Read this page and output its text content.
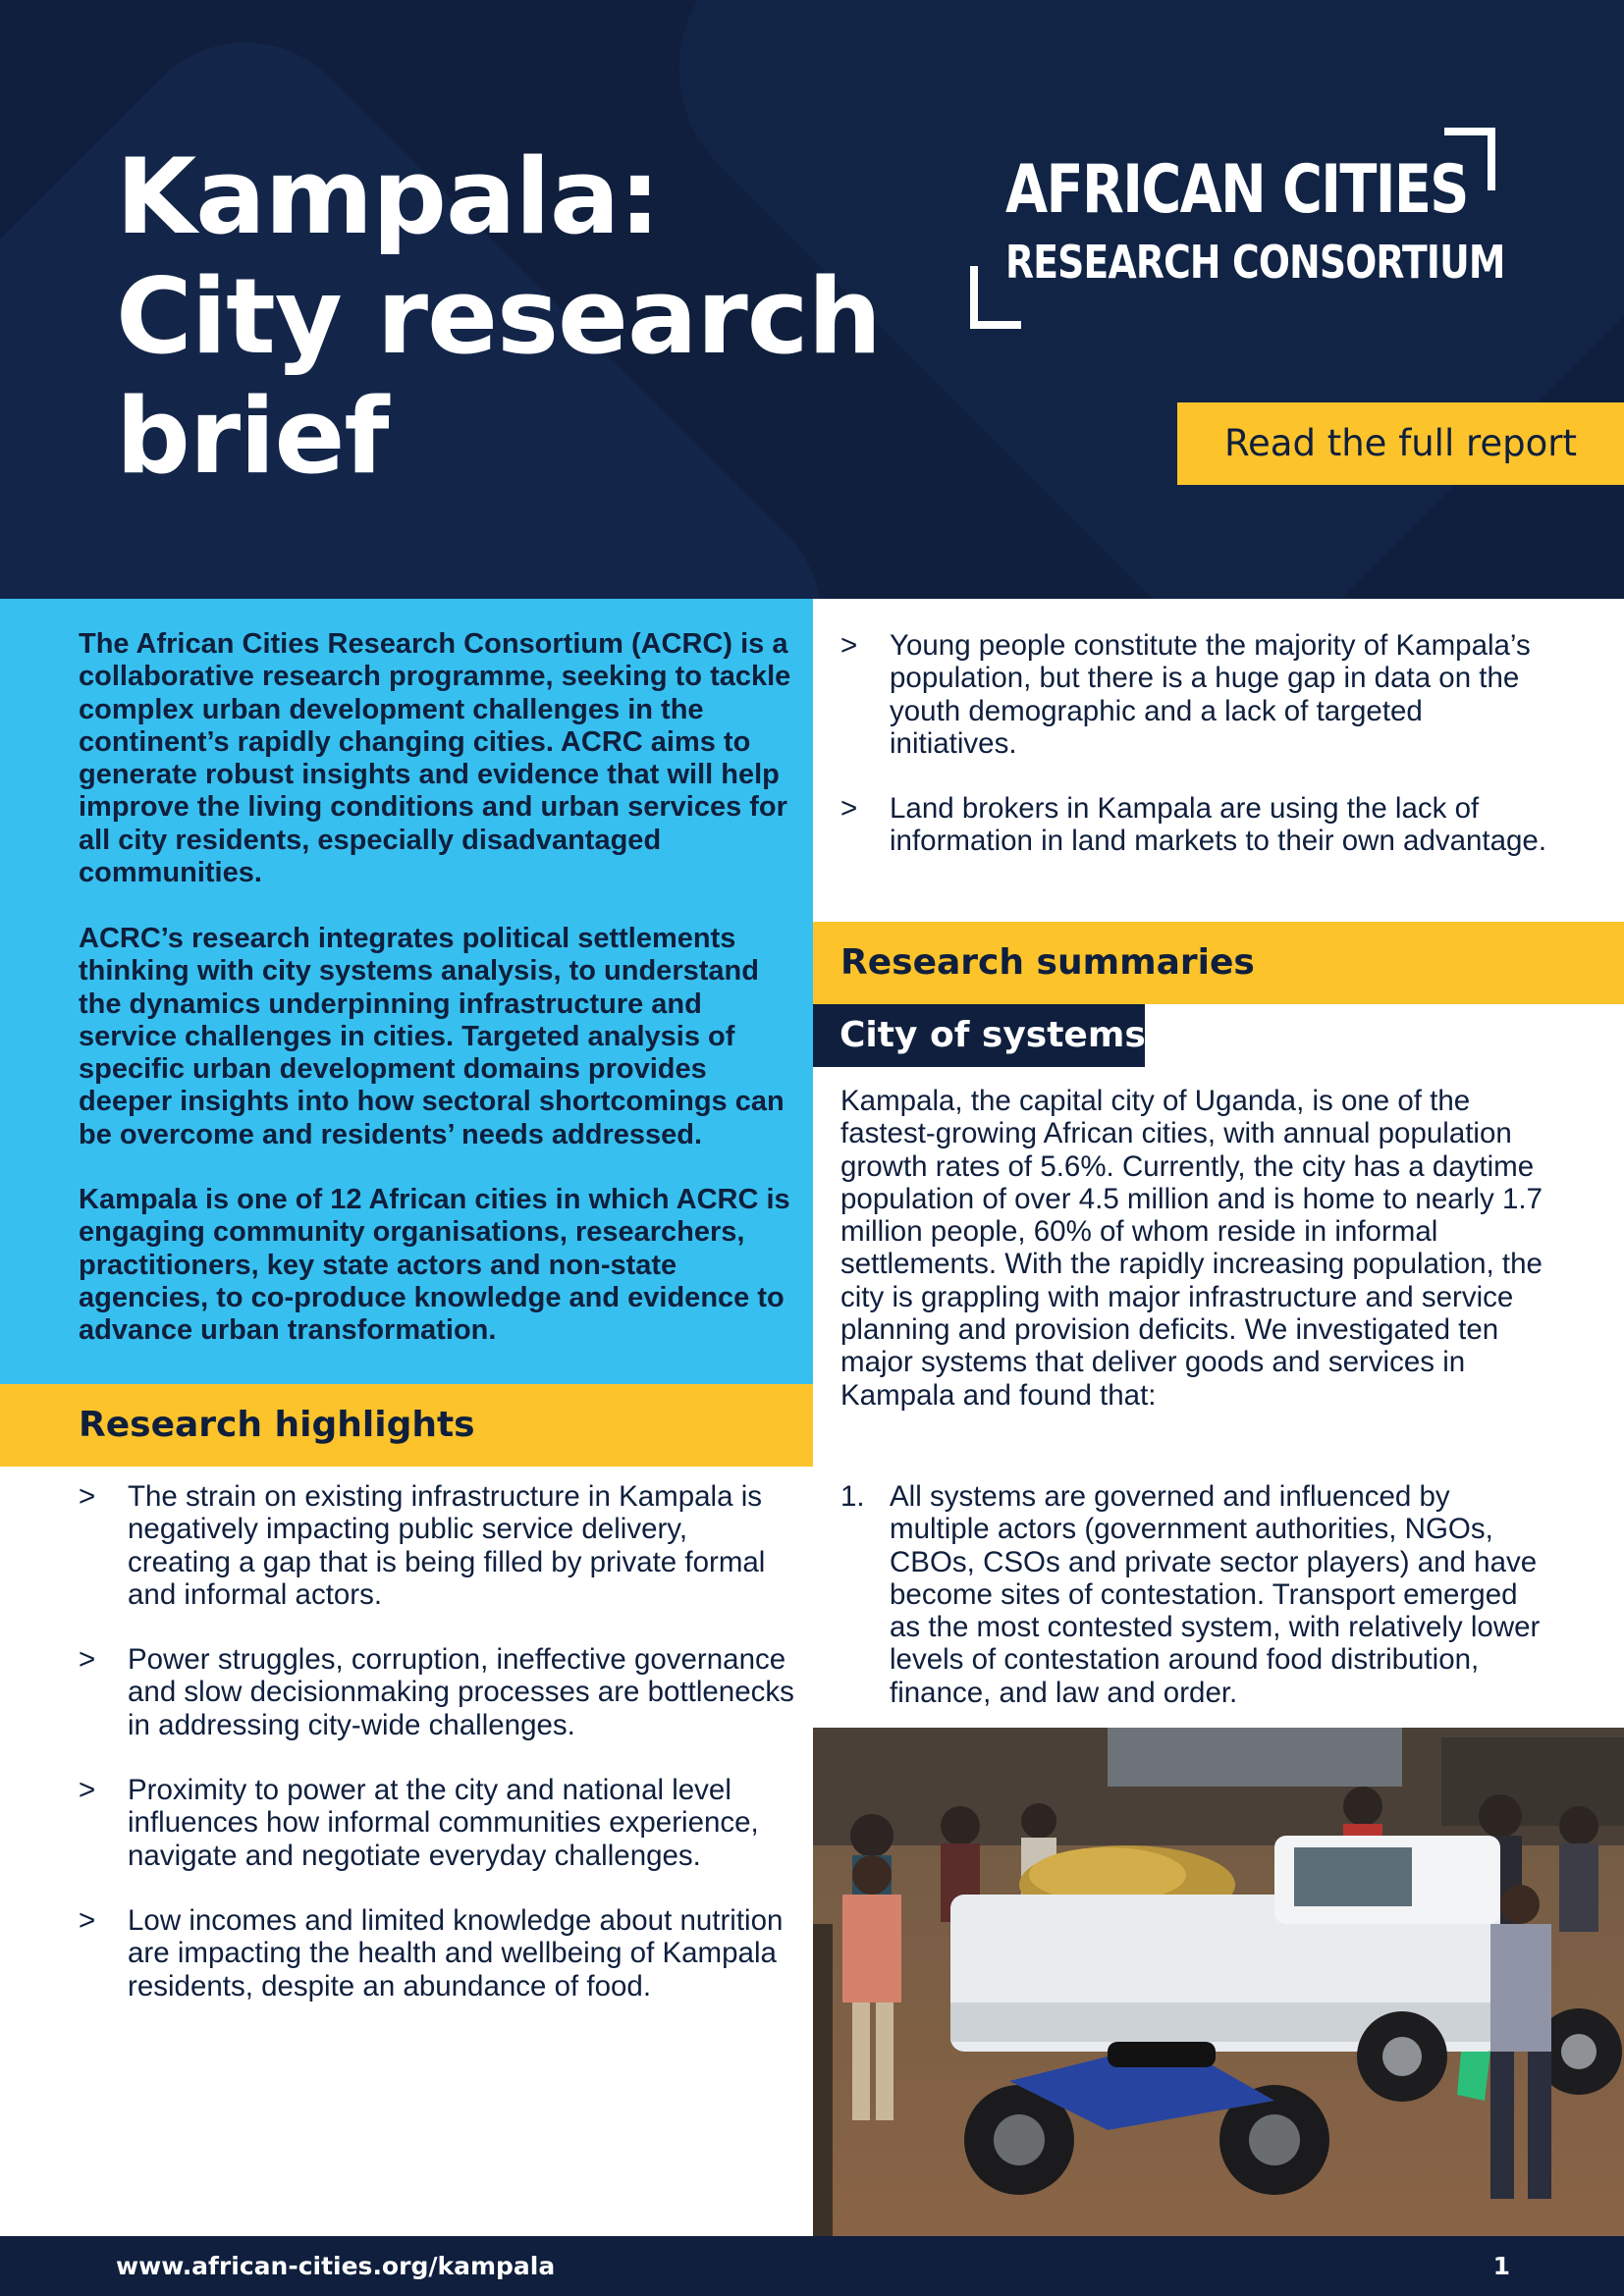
Kampala:
City research
brief
AFRICAN CITIES
RESEARCH CONSORTIUM
Read the full report

The African Cities Research Consortium (ACRC) is a collaborative research programme, seeking to tackle complex urban development challenges in the continent’s rapidly changing cities. ACRC aims to generate robust insights and evidence that will help improve the living conditions and urban services for all city residents, especially disadvantaged communities.

ACRC’s research integrates political settlements thinking with city systems analysis, to understand the dynamics underpinning infrastructure and service challenges in cities. Targeted analysis of specific urban development domains provides deeper insights into how sectoral shortcomings can be overcome and residents’ needs addressed.

Kampala is one of 12 African cities in which ACRC is engaging community organisations, researchers, practitioners, key state actors and non-state agencies, to co-produce knowledge and evidence to advance urban transformation.

Research highlights
> The strain on existing infrastructure in Kampala is negatively impacting public service delivery, creating a gap that is being filled by private formal and informal actors.
> Power struggles, corruption, ineffective governance and slow decisionmaking processes are bottlenecks in addressing city-wide challenges.
> Proximity to power at the city and national level influences how informal communities experience, navigate and negotiate everyday challenges.
> Low incomes and limited knowledge about nutrition are impacting the health and wellbeing of Kampala residents, despite an abundance of food.
> Young people constitute the majority of Kampala’s population, but there is a huge gap in data on the youth demographic and a lack of targeted initiatives.
> Land brokers in Kampala are using the lack of information in land markets to their own advantage.
Research summaries
City of systems

Kampala, the capital city of Uganda, is one of the fastest-growing African cities, with annual population growth rates of 5.6%. Currently, the city has a daytime population of over 4.5 million and is home to nearly 1.7 million people, 60% of whom reside in informal settlements. With the rapidly increasing population, the city is grappling with major infrastructure and service planning and provision deficits. We investigated ten major systems that deliver goods and services in Kampala and found that:

1. All systems are governed and influenced by multiple actors (government authorities, NGOs, CBOs, CSOs and private sector players) and have become sites of contestation. Transport emerged as the most contested system, with relatively lower levels of contestation around food distribution, finance, and law and order.
www.african-cities.org/kampala	1
